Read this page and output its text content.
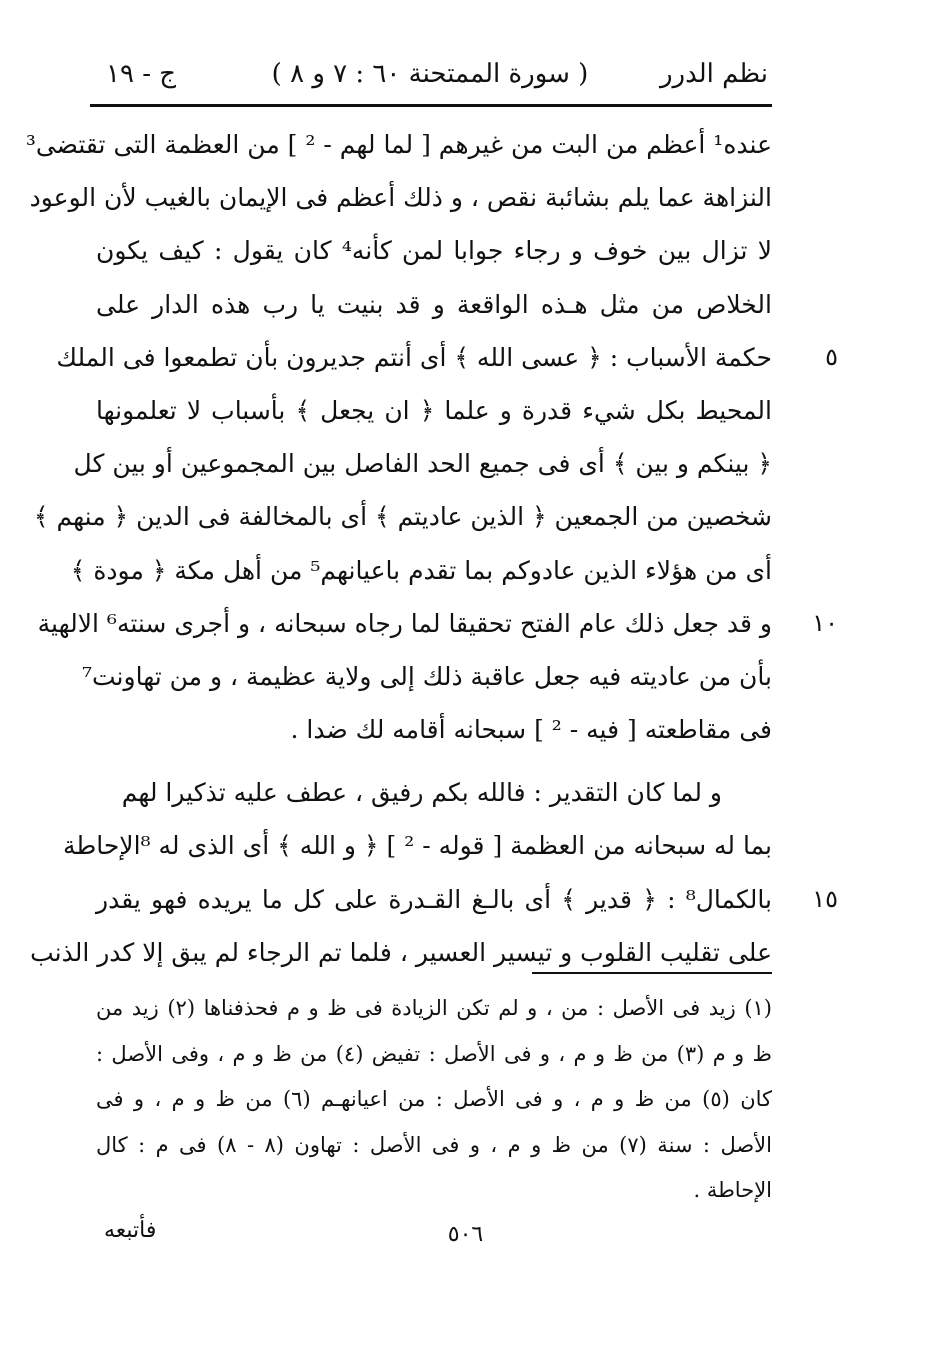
نظم الدرر
( سورة الممتحنة ٦٠ : ٧ و ٨ )
ج - ١٩
عنده¹ أعظم من البت من غيرهم [ لما لهم - ² ] من العظمة التى تقتضى³
النزاهة عما يلم بشائبة نقص ، و ذلك أعظم فى الإيمان بالغيب لأن الوعود
لا تزال بين خوف و رجاء جوابا لمن كأنه⁴ كان يقول : كيف يكون
الخلاص من مثل هـذه الواقعة و قد بنيت يا رب هذه الدار على
٥
حكمة الأسباب : ﴿ عسى الله ﴾ أى أنتم جديرون بأن تطمعوا فى الملك
المحيط بكل شيء قدرة و علما ﴿ ان يجعل ﴾ بأسباب لا تعلمونها
﴿ بينكم و بين ﴾ أى فى جميع الحد الفاصل بين المجموعين أو بين كل
شخصين من الجمعين ﴿ الذين عاديتم ﴾ أى بالمخالفة فى الدين ﴿ منهم ﴾
أى من هؤلاء الذين عادوكم بما تقدم باعيانهم⁵ من أهل مكة ﴿ مودة ﴾
١٠
و قد جعل ذلك عام الفتح تحقيقا لما رجاه سبحانه ، و أجرى سنته⁶ الالهية
بأن من عاديته فيه جعل عاقبة ذلك إلى ولاية عظيمة ، و من تهاونت⁷
فى مقاطعته [ فيه - ² ] سبحانه أقامه لك ضدا .
و لما كان التقدير : فالله بكم رفيق ، عطف عليه تذكيرا لهم
بما له سبحانه من العظمة [ قوله - ² ] ﴿ و الله ﴾ أى الذى له ⁸الإحاطة
١٥
بالكمال⁸ : ﴿ قدير ﴾ أى بالـغ القـدرة على كل ما يريده فهو يقدر
على تقليب القلوب و تيسير العسير ، فلما تم الرجاء لم يبق إلا كدر الذنب
(١) زيد فى الأصل : من ، و لم تكن الزيادة فى ظ و م فحذفناها (٢) زيد من
ظ و م (٣) من ظ و م ، و فى الأصل : تفيض (٤) من ظ و م ، وفى الأصل :
كان (٥) من ظ و م ، و فى الأصل : من اعيانهـم (٦) من ظ و م ، و فى
الأصل : سنة (٧) من ظ و م ، و فى الأصل : تهاون (٨ - ٨) فى م : كال
الإحاطة .
٥٠٦
فأتبعه
